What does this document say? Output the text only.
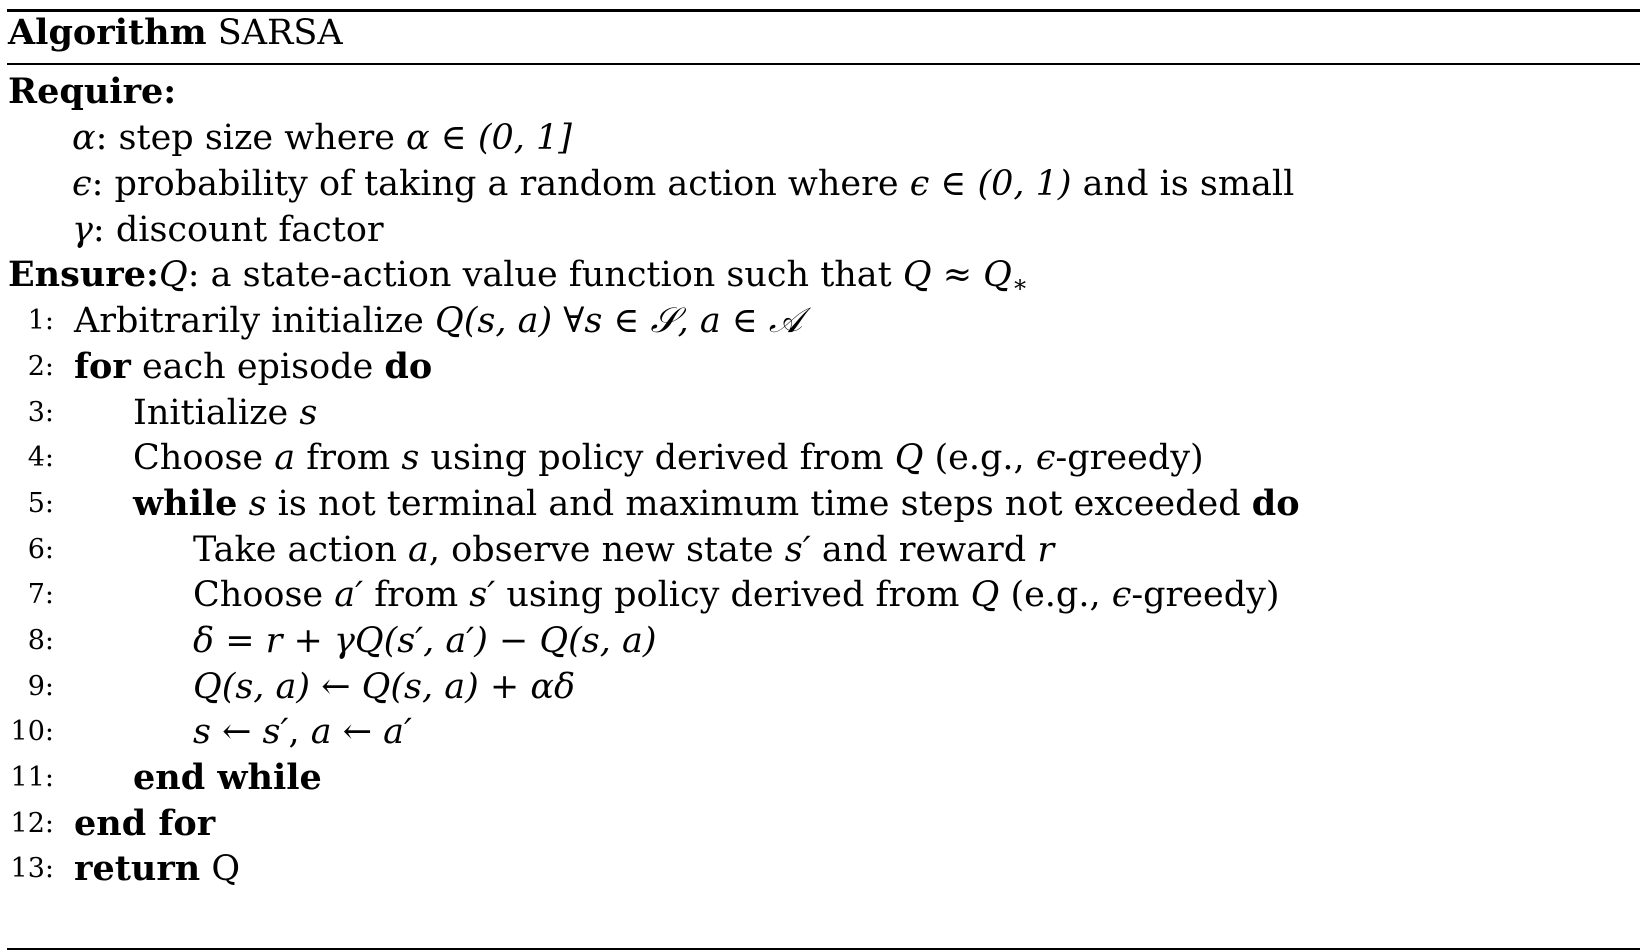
Algorithm SARSA
Require:
α: step size where α ∈ (0, 1]
ϵ: probability of taking a random action where ϵ ∈ (0, 1) and is small
γ: discount factor
Ensure: Q: a state-action value function such that $Q \approx Q_∗$
1: Arbitrarily initialize Q(s, a) ∀s ∈ 𝒮, a ∈ 𝒜
2: for each episode do
3: Initialize s
4: Choose a from s using policy derived from Q (e.g., ϵ-greedy)
5: while s is not terminal and maximum time steps not exceeded do
6:	Take action a, observe new state s′ and reward r
7:	Choose a′ from s′ using policy derived from Q (e.g., ϵ-greedy)
8:	δ = r + γQ(s′, a′) − Q(s, a)
9:	Q(s, a) ← Q(s, a) + αδ
10:	s ← s′, a ← a′
11: end while
12: end for
13: return Q
